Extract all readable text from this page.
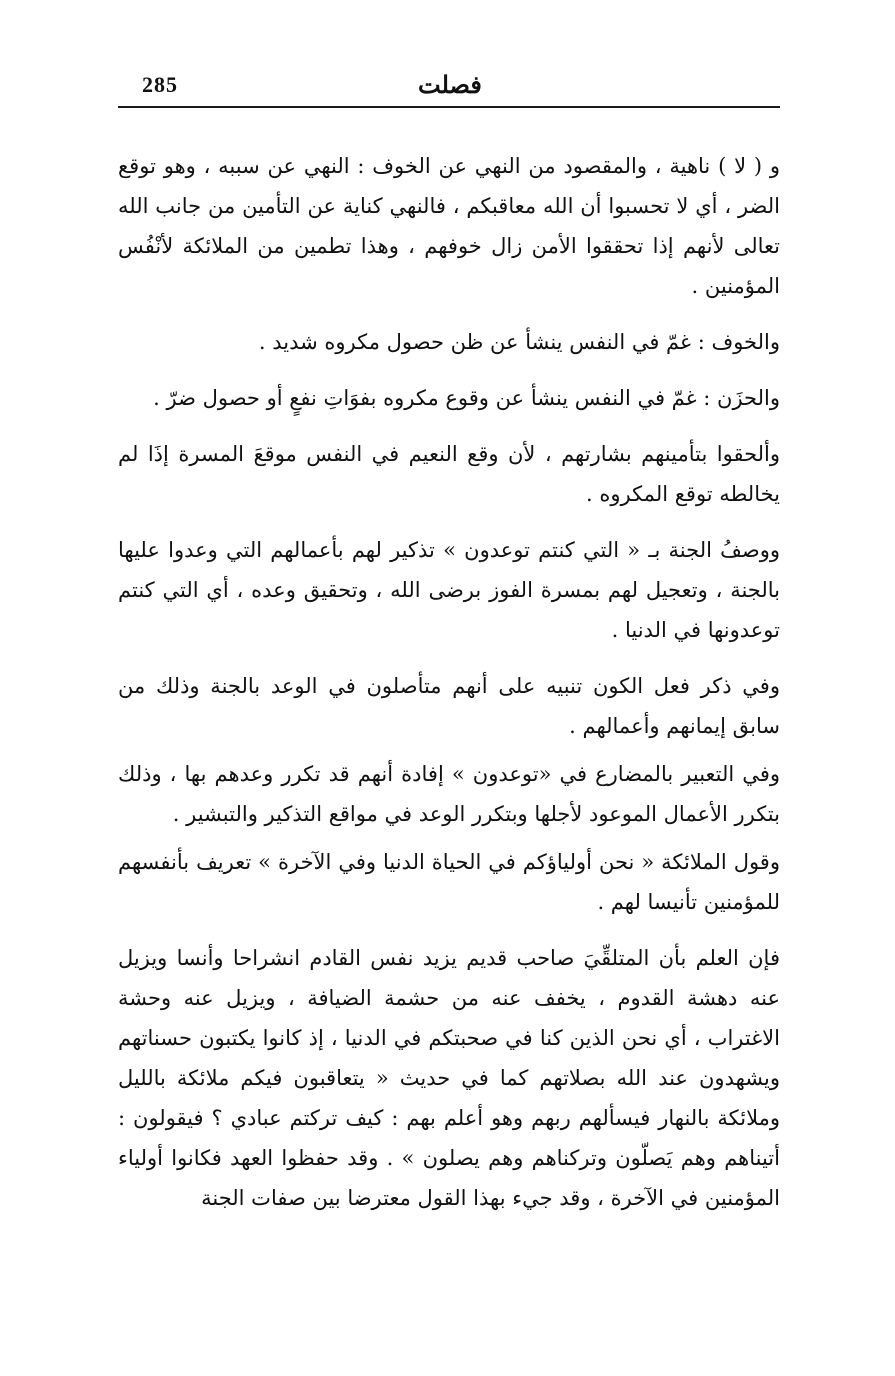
285	فصلت

و ( لا ) ناهية ، والمقصود من النهي عن الخوف : النهي عن سببه ، وهو توقع الضر ، أي لا تحسبوا أن الله معاقبكم ، فالنهي كناية عن التأمين من جانب الله تعالى لأنهم إذا تحققوا الأمن زال خوفهم ، وهذا تطمين من الملائكة لأنْفُس المؤمنين .

والخوف : غمّ في النفس ينشأ عن ظن حصول مكروه شديد .

والحزَن : غمّ في النفس ينشأ عن وقوع مكروه بفوَاتِ نفعٍ أو حصول ضرّ .

وألحقوا بتأمينهم بشارتهم ، لأن وقع النعيم في النفس موقعَ المسرة إذَا لم يخالطه توقع المكروه .

ووصفُ الجنة بـ « التي كنتم توعدون » تذكير لهم بأعمالهم التي وعدوا عليها بالجنة ، وتعجيل لهم بمسرة الفوز برضى الله ، وتحقيق وعده ، أي التي كنتم توعدونها في الدنيا .

وفي ذكر فعل الكون تنبيه على أنهم متأصلون في الوعد بالجنة وذلك من سابق إيمانهم وأعمالهم .

وفي التعبير بالمضارع في «توعدون » إفادة أنهم قد تكرر وعدهم بها ، وذلك بتكرر الأعمال الموعود لأجلها وبتكرر الوعد في مواقع التذكير والتبشير .

وقول الملائكة « نحن أولياؤكم في الحياة الدنيا وفي الآخرة » تعريف بأنفسهم للمؤمنين تأنيسا لهم .

فإن العلم بأن المتلقِّيَ صاحب قديم يزيد نفس القادم انشراحا وأنسا ويزيل عنه دهشة القدوم ، يخفف عنه من حشمة الضيافة ، ويزيل عنه وحشة الاغتراب ، أي نحن الذين كنا في صحبتكم في الدنيا ، إذ كانوا يكتبون حسناتهم ويشهدون عند الله بصلاتهم كما في حديث « يتعاقبون فيكم ملائكة بالليل وملائكة بالنهار فيسألهم ربهم وهو أعلم بهم : كيف تركتم عبادي ؟ فيقولون : أتيناهم وهم يَصلّون وتركناهم وهم يصلون » . وقد حفظوا العهد فكانوا أولياء المؤمنين في الآخرة ، وقد جيء بهذا القول معترضا بين صفات الجنة
